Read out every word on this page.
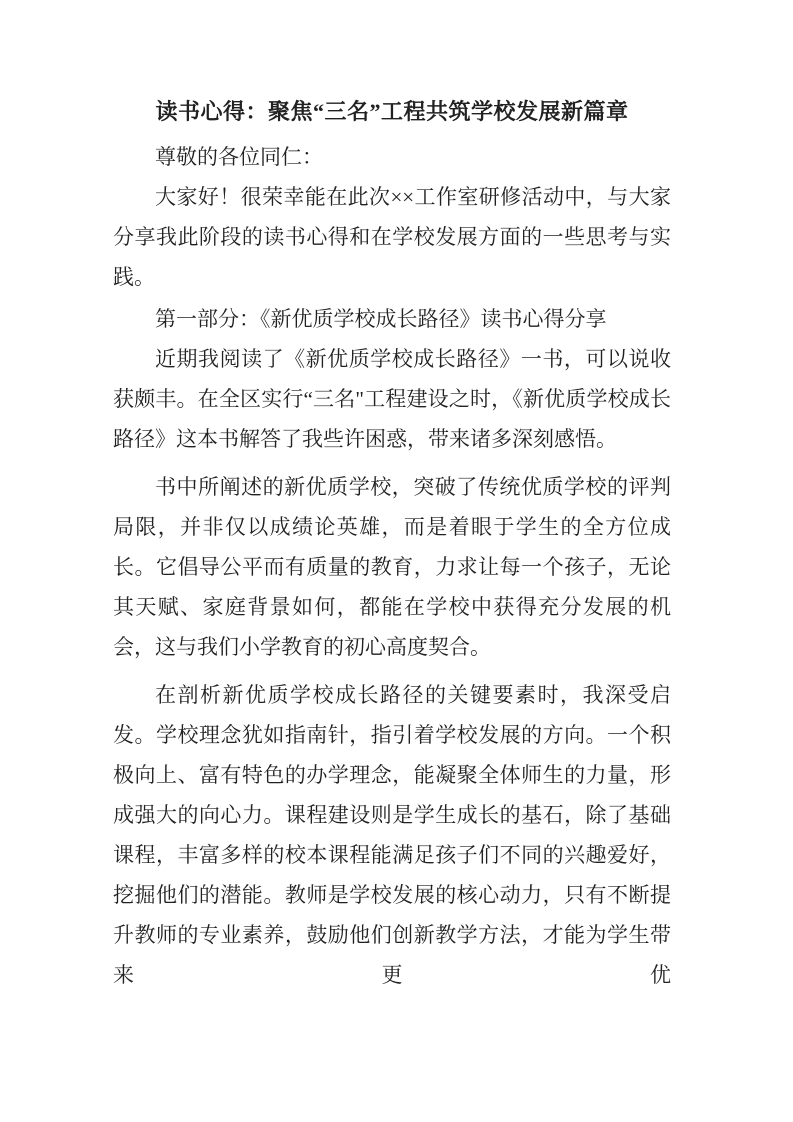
读书心得：聚焦“三名”工程共筑学校发展新篇章

尊敬的各位同仁：

大家好！很荣幸能在此次××工作室研修活动中，与大家分享我此阶段的读书心得和在学校发展方面的一些思考与实践。

第一部分：《新优质学校成长路径》读书心得分享

近期我阅读了《新优质学校成长路径》一书，可以说收获颇丰。在全区实行“三名"工程建设之时，《新优质学校成长路径》这本书解答了我些许困惑，带来诸多深刻感悟。

书中所阐述的新优质学校，突破了传统优质学校的评判局限，并非仅以成绩论英雄，而是着眼于学生的全方位成长。它倡导公平而有质量的教育，力求让每一个孩子，无论其天赋、家庭背景如何，都能在学校中获得充分发展的机会，这与我们小学教育的初心高度契合。

在剖析新优质学校成长路径的关键要素时，我深受启发。学校理念犹如指南针，指引着学校发展的方向。一个积极向上、富有特色的办学理念，能凝聚全体师生的力量，形成强大的向心力。课程建设则是学生成长的基石，除了基础课程，丰富多样的校本课程能满足孩子们不同的兴趣爱好，挖掘他们的潜能。教师是学校发展的核心动力，只有不断提升教师的专业素养，鼓励他们创新教学方法，才能为学生带来更优
